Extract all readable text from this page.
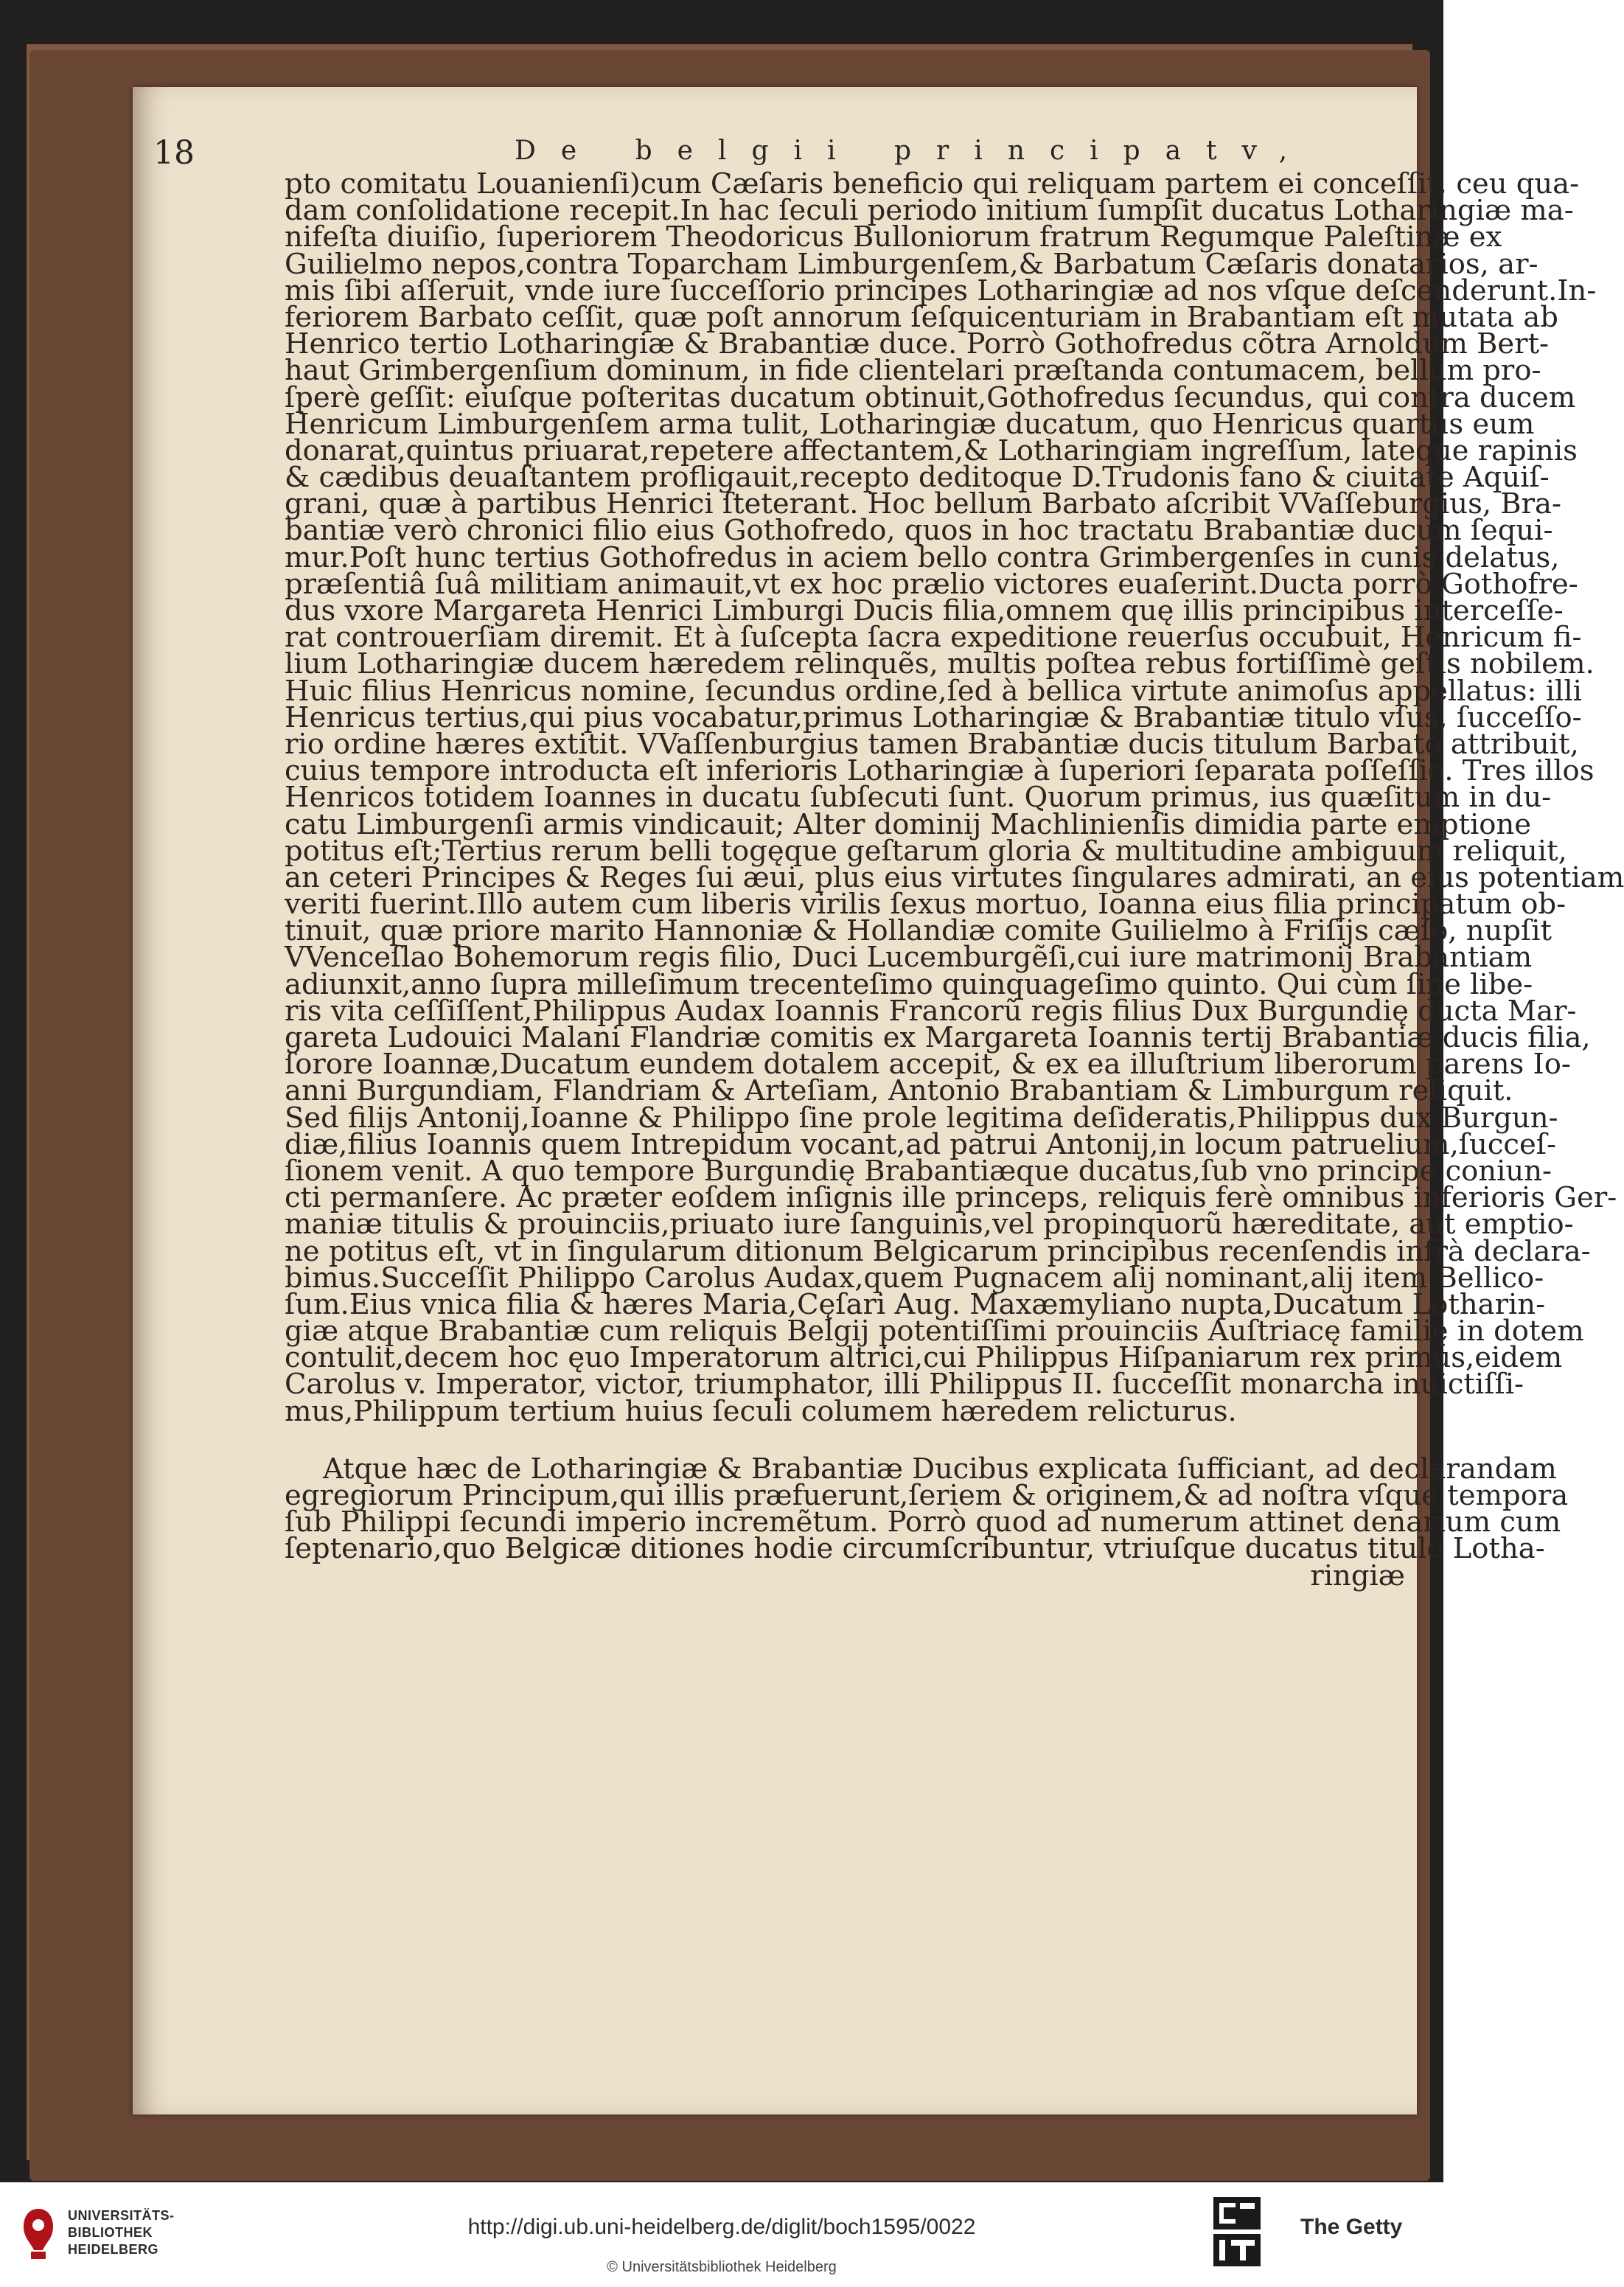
18	De belgii principatv,
pto comitatu Louanienſi)cum Cæſaris beneficio qui reliquam partem ei conceſſit, ceu qua-
dam conſolidatione recepit.In hac ſeculi periodo initium ſumpſit ducatus Lotharingiæ ma-
nifeſta diuiſio, ſuperiorem Theodoricus Bulloniorum fratrum Regumque Paleſtinæ ex
Guilielmo nepos,contra Toparcham Limburgenſem,& Barbatum Cæſaris donatarios, ar-
mis ſibi aſſeruit, vnde iure ſucceſſorio principes Lotharingiæ ad nos vſque deſcenderunt.In-
feriorem Barbato ceſſit, quæ poſt annorum ſeſquicenturiam in Brabantiam eſt mutata ab
Henrico tertio Lotharingiæ & Brabantiæ duce. Porrò Gothofredus cõtra Arnoldum Bert-
haut Grimbergenſium dominum, in fide clientelari præſtanda contumacem, bellum pro-
ſperè geſſit: eiuſque poſteritas ducatum obtinuit,Gothofredus ſecundus, qui contra ducem
Henricum Limburgenſem arma tulit, Lotharingiæ ducatum, quo Henricus quartus eum
donarat,quintus priuarat,repetere affectantem,& Lotharingiam ingreſſum, lateque rapinis
& cædibus deuaſtantem profligauit,recepto deditoque D.Trudonis fano & ciuitate Aquiſ-
grani, quæ à partibus Henrici ſteterant. Hoc bellum Barbato aſcribit VVaſſeburgius, Bra-
bantiæ verò chronici filio eius Gothofredo, quos in hoc tractatu Brabantiæ ducum ſequi-
mur.Poſt hunc tertius Gothofredus in aciem bello contra Grimbergenſes in cunis delatus,
præſentiâ ſuâ militiam animauit,vt ex hoc prælio victores euaſerint.Ducta porrò Gothofre-
dus vxore Margareta Henrici Limburgi Ducis filia,omnem quę illis principibus interceſſe-
rat controuerſiam diremit. Et à ſuſcepta ſacra expeditione reuerſus occubuit, Henricum fi-
lium Lotharingiæ ducem hæredem relinquẽs, multis poſtea rebus fortiſſimè geſtis nobilem.
Huic filius Henricus nomine, ſecundus ordine,ſed à bellica virtute animoſus appellatus: illi
Henricus tertius,qui pius vocabatur,primus Lotharingiæ & Brabantiæ titulo vſus, ſucceſſo-
rio ordine hæres extitit. VVaſſenburgius tamen Brabantiæ ducis titulum Barbato attribuit,
cuius tempore introducta eſt inferioris Lotharingiæ à ſuperiori ſeparata poſſeſſio. Tres illos
Henricos totidem Ioannes in ducatu ſubſecuti ſunt. Quorum primus, ius quæſitum in du-
catu Limburgenſi armis vindicauit; Alter dominij Machlinienſis dimidia parte emptione
potitus eſt;Tertius rerum belli togęque geſtarum gloria & multitudine ambiguum reliquit,
an ceteri Principes & Reges ſui æui, plus eius virtutes ſingulares admirati, an eius potentiam
veriti fuerint.Illo autem cum liberis virilis ſexus mortuo, Ioanna eius filia principatum ob-
tinuit, quæ priore marito Hannoniæ & Hollandiæ comite Guilielmo à Friſijs cæſo, nupſit
VVenceſlao Bohemorum regis filio, Duci Lucemburgẽſi,cui iure matrimonij Brabantiam
adiunxit,anno ſupra milleſimum trecenteſimo quinquageſimo quinto. Qui cùm ſine libe-
ris vita ceſſiſſent,Philippus Audax Ioannis Francorũ regis filius Dux Burgundię ducta Mar-
gareta Ludouici Malani Flandriæ comitis ex Margareta Ioannis tertij Brabantiæ ducis filia,
ſorore Ioannæ,Ducatum eundem dotalem accepit, & ex ea illuſtrium liberorum parens Io-
anni Burgundiam, Flandriam & Arteſiam, Antonio Brabantiam & Limburgum reliquit.
Sed filijs Antonij,Ioanne & Philippo ſine prole legitima deſideratis,Philippus dux Burgun-
diæ,filius Ioannis quem Intrepidum vocant,ad patrui Antonij,in locum patruelium,ſucceſ-
ſionem venit. A quo tempore Burgundię Brabantiæque ducatus,ſub vno principe coniun-
cti permanſere. Ac præter eoſdem inſignis ille princeps, reliquis ferè omnibus inferioris Ger-
maniæ titulis & prouinciis,priuato iure ſanguinis,vel propinquorũ hæreditate, aut emptio-
ne potitus eſt, vt in ſingularum ditionum Belgicarum principibus recenſendis infrà declara-
bimus.Succeſſit Philippo Carolus Audax,quem Pugnacem alij nominant,alij item Bellico-
ſum.Eius vnica filia & hæres Maria,Cęſari Aug. Maxæmyliano nupta,Ducatum Lotharin-
giæ atque Brabantiæ cum reliquis Belgij potentiſſimi prouinciis Auſtriacę familię in dotem
contulit,decem hoc ęuo Imperatorum altrici,cui Philippus Hiſpaniarum rex primus,eidem
Carolus v. Imperator, victor, triumphator, illi Philippus II. ſucceſſit monarcha inuictiſſi-
mus,Philippum tertium huius ſeculi columem hæredem relicturus.
Atque hæc de Lotharingiæ & Brabantiæ Ducibus explicata ſufficiant, ad declarandam
egregiorum Principum,qui illis præfuerunt,ſeriem & originem,& ad noſtra vſque tempora
ſub Philippi ſecundi imperio incremẽtum. Porrò quod ad numerum attinet denarium cum
ſeptenario,quo Belgicæ ditiones hodie circumſcribuntur, vtriuſque ducatus titulo Lotha-
ringiæ
UNIVERSITÄTS-
BIBLIOTHEK
HEIDELBERG
http://digi.ub.uni-heidelberg.de/diglit/boch1595/0022
© Universitätsbibliothek Heidelberg
The Getty
